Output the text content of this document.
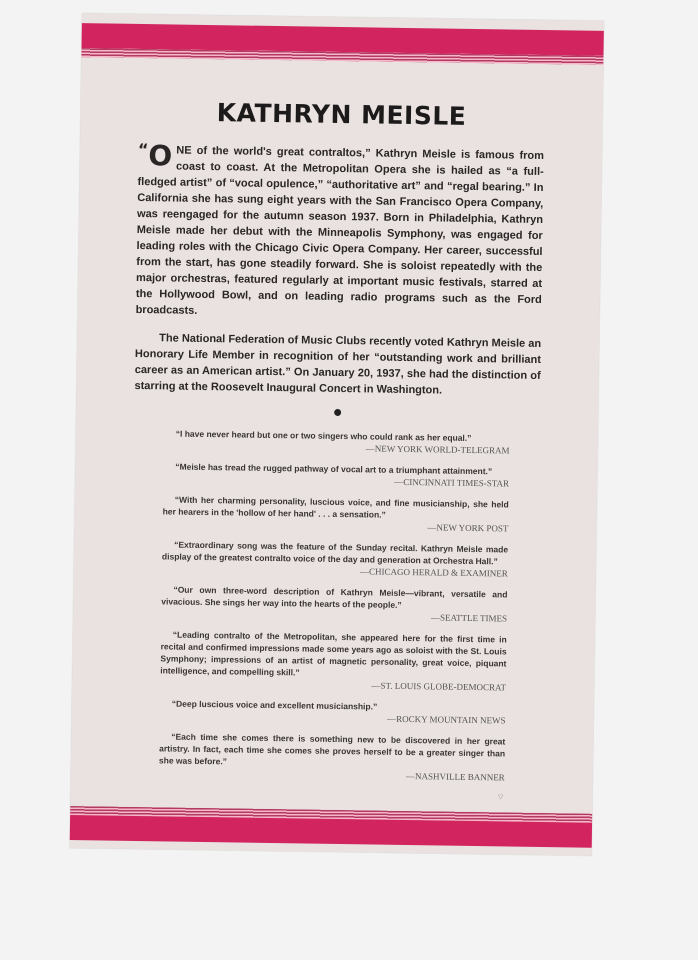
KATHRYN MEISLE

“O NE of the world's great contraltos,” Kathryn Meisle is famous from coast to coast. At the Metropolitan Opera she is hailed as “a full-fledged artist” of “vocal opulence,” “authoritative art” and “regal bearing.” In California she has sung eight years with the San Francisco Opera Company, was reengaged for the autumn season 1937. Born in Philadelphia, Kathryn Meisle made her debut with the Minneapolis Symphony, was engaged for leading roles with the Chicago Civic Opera Company. Her career, successful from the start, has gone steadily forward. She is soloist repeatedly with the major orchestras, featured regularly at important music festivals, starred at the Hollywood Bowl, and on leading radio programs such as the Ford broadcasts.

The National Federation of Music Clubs recently voted Kathryn Meisle an Honorary Life Member in recognition of her “outstanding work and brilliant career as an American artist.” On January 20, 1937, she had the distinction of starring at the Roosevelt Inaugural Concert in Washington.

“I have never heard but one or two singers who could rank as her equal.”
—NEW YORK WORLD-TELEGRAM
“Meisle has tread the rugged pathway of vocal art to a triumphant attainment.”
—CINCINNATI TIMES-STAR
“With her charming personality, luscious voice, and fine musicianship, she held her hearers in the 'hollow of her hand' . . . a sensation.”
—NEW YORK POST
“Extraordinary song was the feature of the Sunday recital. Kathryn Meisle made display of the greatest contralto voice of the day and generation at Orchestra Hall.”
—CHICAGO HERALD & EXAMINER
“Our own three-word description of Kathryn Meisle—vibrant, versatile and vivacious. She sings her way into the hearts of the people.”
—SEATTLE TIMES
“Leading contralto of the Metropolitan, she appeared here for the first time in recital and confirmed impressions made some years ago as soloist with the St. Louis Symphony; impressions of an artist of magnetic personality, great voice, piquant intelligence, and compelling skill.”
—ST. LOUIS GLOBE-DEMOCRAT
“Deep luscious voice and excellent musicianship.”
—ROCKY MOUNTAIN NEWS
“Each time she comes there is something new to be discovered in her great artistry. In fact, each time she comes she proves herself to be a greater singer than she was before.”
—NASHVILLE BANNER
⌔
